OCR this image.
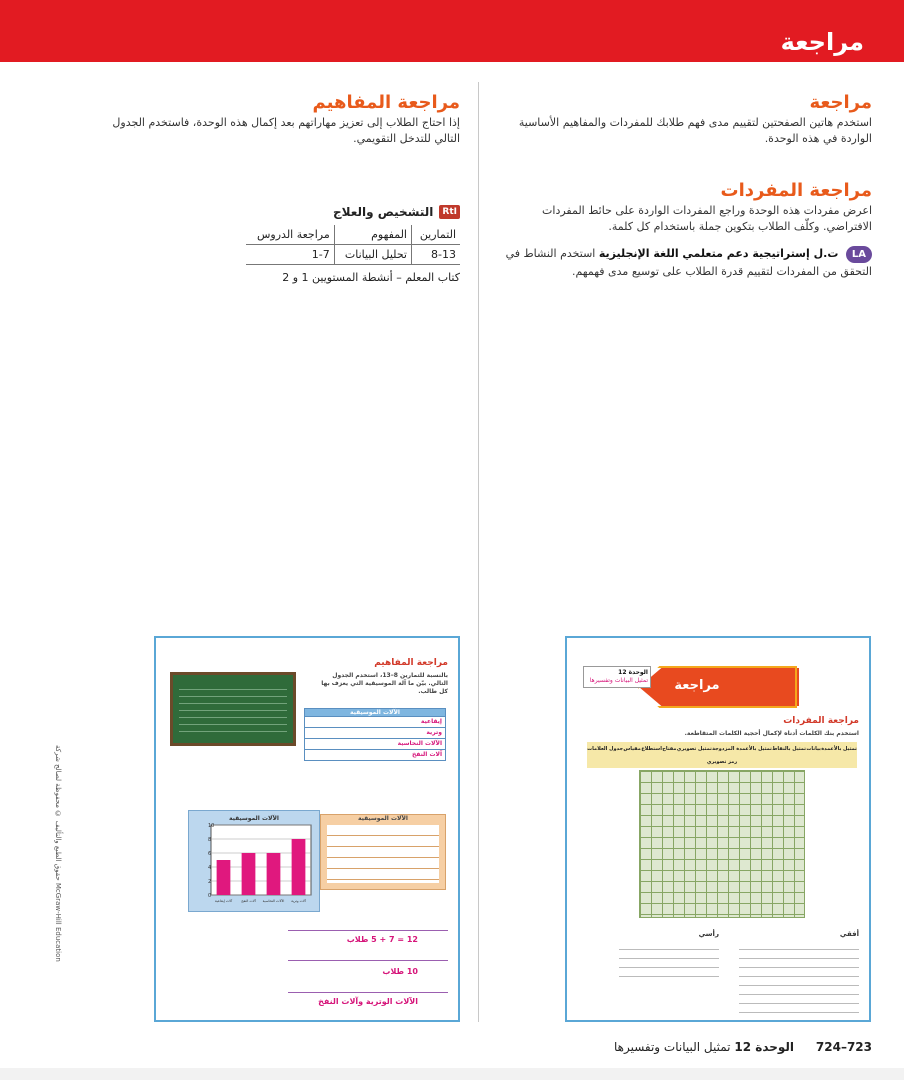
مراجعة

مراجعة

استخدم هاتين الصفحتين لتقييم مدى فهم طلابك للمفردات والمفاهيم الأساسية الواردة في هذه الوحدة.

مراجعة المفردات

اعرض مفردات هذه الوحدة وراجع المفردات الواردة على حائط المفردات الافتراضي. وكلّف الطلاب بتكوين جملة باستخدام كل كلمة.

LA ت.ل إستراتيجية دعم متعلمي اللغة الإنجليزية استخدم النشاط في التحقق من المفردات لتقييم قدرة الطلاب على توسيع مدى فهمهم.

مراجعة المفاهيم

إذا احتاج الطلاب إلى تعزيز مهاراتهم بعد إكمال هذه الوحدة، فاستخدم الجدول التالي للتدخل التقويمي.

RtI
التشخيص والعلاج
التمارين	المفهوم	مراجعة الدروس
8-13	تحليل البيانات	1-7
كتاب المعلم – أنشطة المستويين 1 و 2
مراجعة
الوحدة 12
تمثيل البيانات وتفسيرها
مراجعة المفردات
استخدم بنك الكلمات أدناه لإكمال أحجية الكلمات المتقاطعة.
تمثيل بالأعمدة
بيانات
تمثيل بالنقاط
تمثيل بالأعمدة المزدوجة
تمثيل تصويري
مفتاح
استطلاع
مقياس
جدول العلامات
رمز تصويري
أفقي
رأسي
مراجعة المفاهيم
بالنسبة للتمارين 8–13، استخدم الجدول التالي. بيّن ما آلة الموسيقية التي يعزف بها كل طالب.
الآلات الموسيقية
إيقاعية
وترية
الآلات النحاسية
آلات النفخ
الآلات الموسيقية
الآلات الموسيقية
0
2
4
6
8
10
آلات إيقاعية	آلات النفخ الآلات النحاسية آلات وترية
12 = 7 + 5 طلاب
10 طلاب
الآلات الوترية وآلات النفخ
حقوق الطبع والتأليف © محفوظة لصالح شركة McGraw-Hill Education
723–724 الوحدة 12 تمثيل البيانات وتفسيرها
